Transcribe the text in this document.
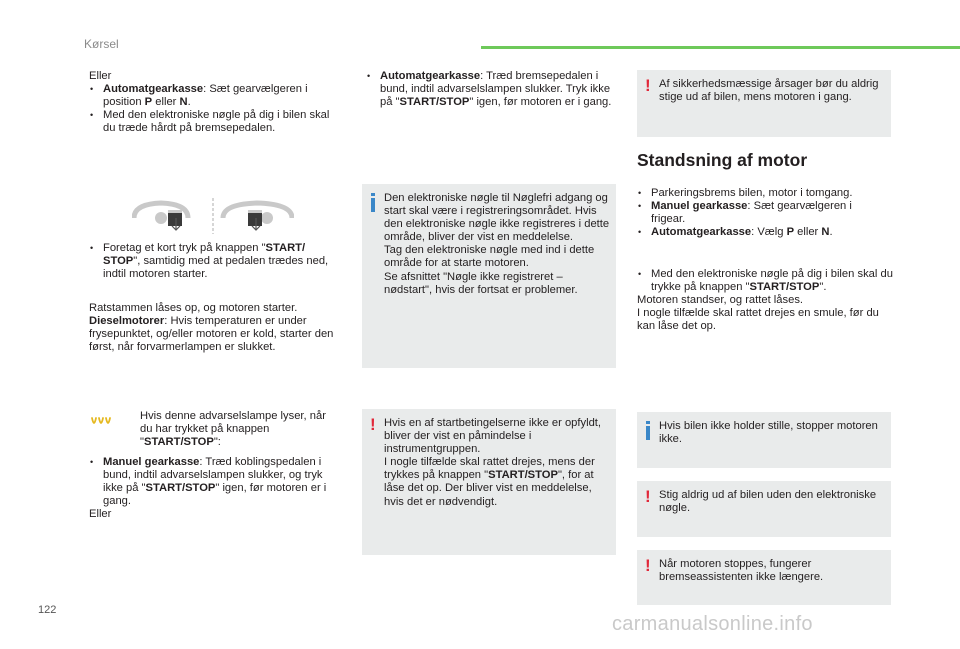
Kørsel

Eller

• Automatgearkasse: Sæt gearvælgeren i position P eller N.

• Med den elektroniske nøgle på dig i bilen skal du træde hårdt på bremsepedalen.

• Foretag et kort tryk på knappen "START/ STOP", samtidig med at pedalen trædes ned, indtil motoren starter.

Ratstammen låses op, og motoren starter.

Dieselmotorer: Hvis temperaturen er under frysepunktet, og/eller motoren er kold, starter den først, når forvarmerlampen er slukket.

Hvis denne advarselslampe lyser, når du har trykket på knappen "START/STOP":

• Manuel gearkasse: Træd koblingspedalen i bund, indtil advarselslampen slukker, og tryk ikke på "START/STOP" igen, før motoren er i gang.

Eller

• Automatgearkasse: Træd bremsepedalen i bund, indtil advarselslampen slukker. Tryk ikke på "START/STOP" igen, før motoren er i gang.

Den elektroniske nøgle til Nøglefri adgang og start skal være i registreringsområdet. Hvis den elektroniske nøgle ikke registreres i dette område, bliver der vist en meddelelse.
Tag den elektroniske nøgle med ind i dette område for at starte motoren.
Se afsnittet "Nøgle ikke registreret – nødstart", hvis der fortsat er problemer.

! Hvis en af startbetingelserne ikke er opfyldt, bliver der vist en påmindelse i instrumentgruppen.
I nogle tilfælde skal rattet drejes, mens der trykkes på knappen "START/STOP", for at låse det op. Der bliver vist en meddelelse, hvis det er nødvendigt.

! Af sikkerhedsmæssige årsager bør du aldrig stige ud af bilen, mens motoren i gang.

Standsning af motor

• Parkeringsbrems bilen, motor i tomgang.

• Manuel gearkasse: Sæt gearvælgeren i frigear.

• Automatgearkasse: Vælg P eller N.

• Med den elektroniske nøgle på dig i bilen skal du trykke på knappen "START/STOP".

Motoren standser, og rattet låses.

I nogle tilfælde skal rattet drejes en smule, før du kan låse det op.

Hvis bilen ikke holder stille, stopper motoren ikke.

! Stig aldrig ud af bilen uden den elektroniske nøgle.

! Når motoren stoppes, fungerer bremseassistenten ikke længere.

122
carmanualsonline.info
